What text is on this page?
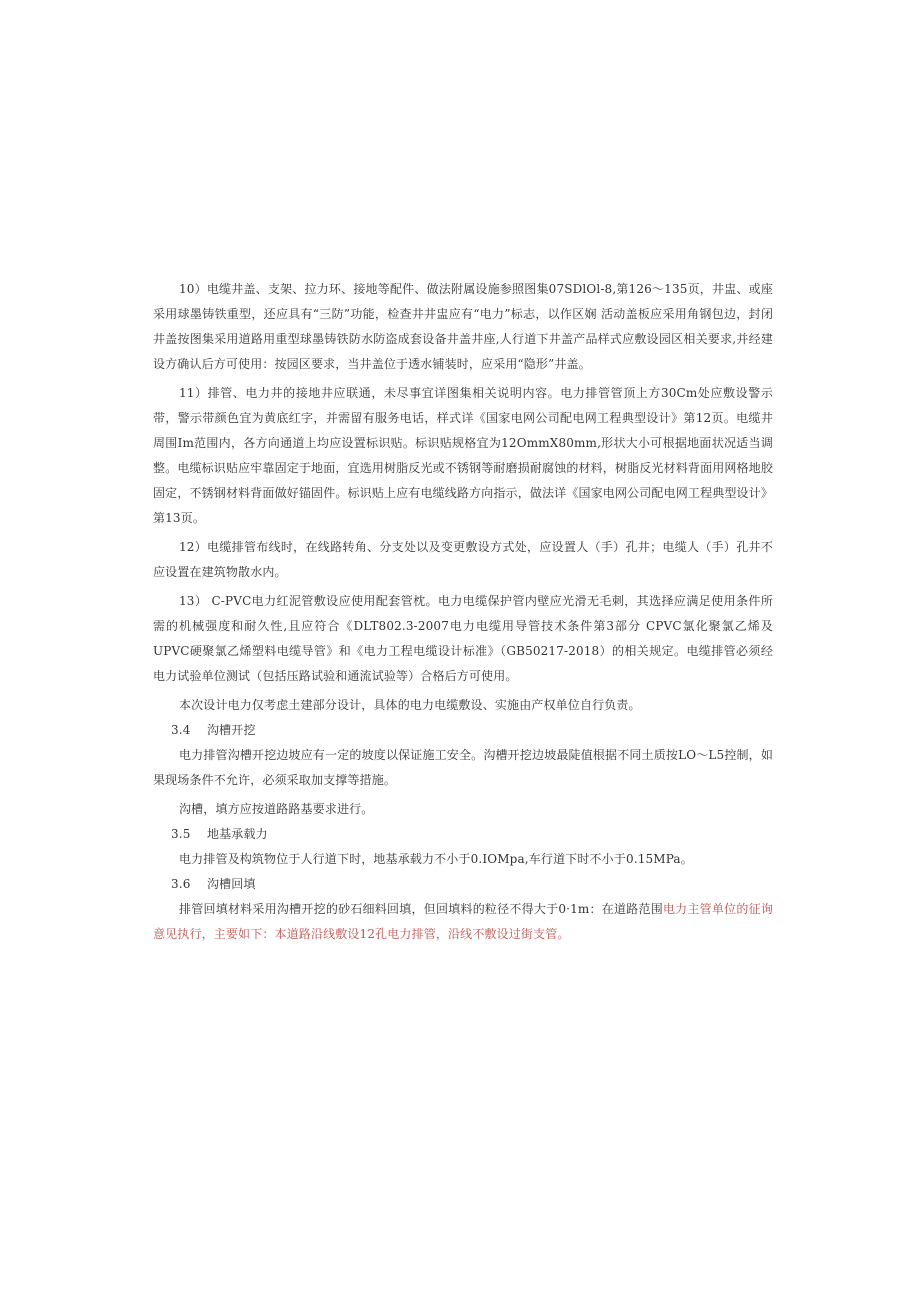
10）电缆井盖、支架、拉力环、接地等配件、做法附属设施参照图集07SDlOl-8,第126～135页，井盅、或座采用球墨铸铁重型，还应具有“三防”功能，检查井井盅应有“电力”标志，以作区娴 活动盖板应采用角钢包边，封闭井盖按图集采用道路用重型球墨铸铁防水防盗成套设备井盖井座,人行道下井盖产品样式应敷设园区相关要求,并经建设方确认后方可使用：按园区要求，当井盖位于透水铺装时，应采用“隐形”井盖。

11）排管、电力井的接地井应联通，未尽事宜详图集相关说明内容。电力排管管顶上方30Cm处应敷设警示带，警示带颜色宜为黄底红字，并需留有服务电话，样式详《国家电网公司配电网工程典型设计》第12页。电缆井周围Im范围内，各方向通道上均应设置标识贴。标识贴规格宜为12OmmX80mm,形状大小可根据地面状况适当调整。电缆标识贴应牢靠固定于地面，宜选用树脂反光或不锈钢等耐磨损耐腐蚀的材料，树脂反光材料背面用网格地胶固定，不锈钢材料背面做好锚固件。标识贴上应有电缆线路方向指示，做法详《国家电网公司配电网工程典型设计》第13页。

12）电缆排管布线时，在线路转角、分支处以及变更敷设方式处，应设置人（手）孔井；电缆人（手）孔井不应设置在建筑物散水内。

13） C-PVC电力红泥管敷设应使用配套管枕。电力电缆保护管内壁应光滑无毛刺，其选择应满足使用条件所需的机械强度和耐久性,且应符合《DLT802.3-2007电力电缆用导管技术条件第3部分 CPVC氯化聚氯乙烯及UPVC硬聚氯乙烯塑料电缆导管》和《电力工程电缆设计标准》（GB50217-2018）的相关规定。电缆排管必须经电力试验单位测试（包括压路试验和通流试验等）合格后方可使用。

本次设计电力仅考虑土建部分设计，具体的电力电缆敷设、实施由产权单位自行负责。

3.4 沟槽开挖

电力排管沟槽开挖边坡应有一定的坡度以保证施工安全。沟槽开挖边坡最陡值根据不同土质按LO～L5控制，如果现场条件不允许，必须采取加支撑等措施。

沟槽，填方应按道路路基要求进行。

3.5 地基承载力

电力排管及构筑物位于人行道下时，地基承载力不小于0.IOMpa,车行道下时不小于0.15MPa。

3.6 沟槽回填

排管回填材料采用沟槽开挖的砂石细料回填，但回填料的粒径不得大于0·1m：在道路范围电力主管单位的征询意见执行，主要如下：本道路沿线敷设12孔电力排管，沿线不敷设过街支管。
